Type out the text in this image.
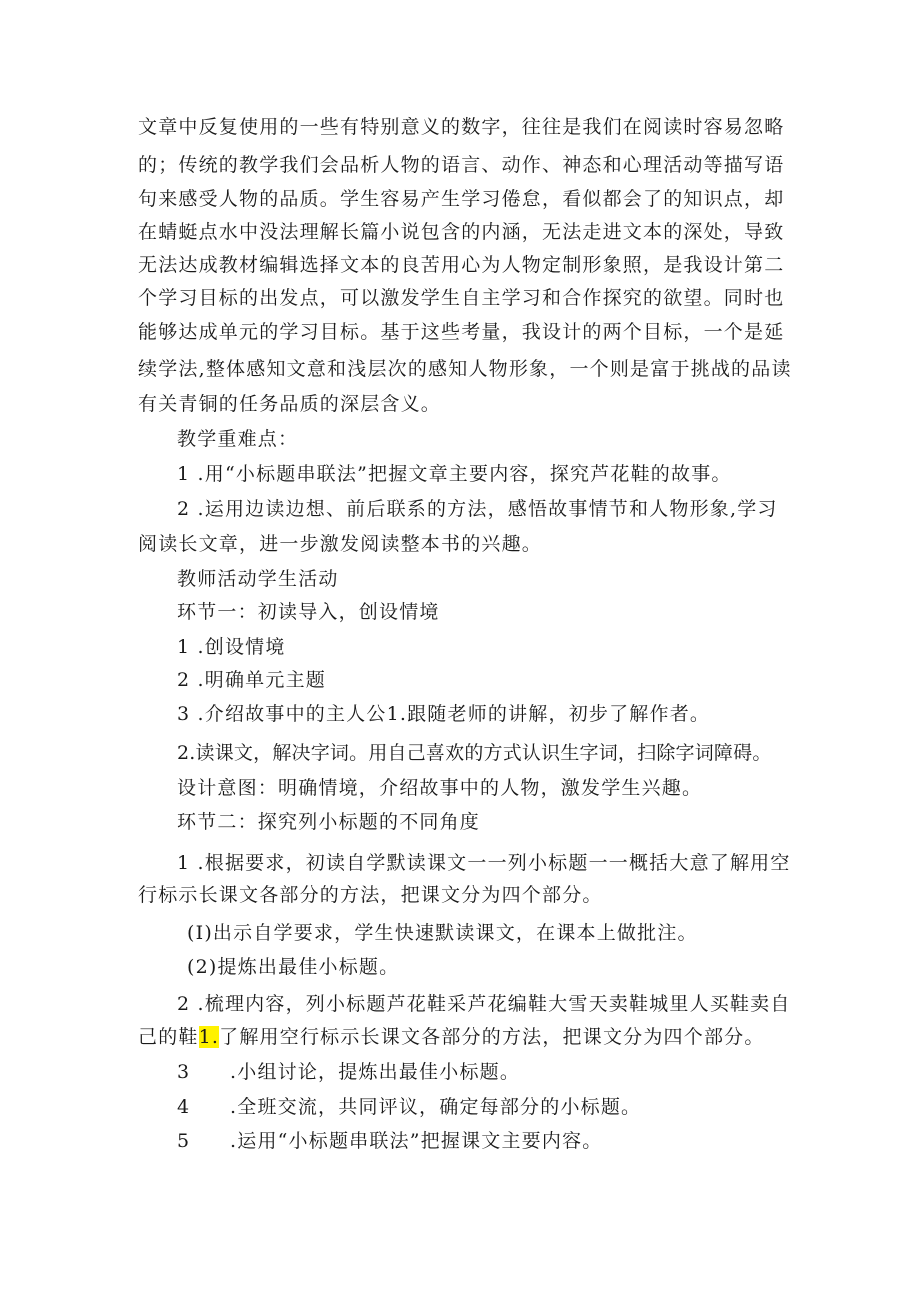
文章中反复使用的一些有特别意义的数字，往往是我们在阅读时容易忽略
的；传统的教学我们会品析人物的语言、动作、神态和心理活动等描写语
句来感受人物的品质。学生容易产生学习倦怠，看似都会了的知识点，却
在蜻蜓点水中没法理解长篇小说包含的内涵，无法走进文本的深处，导致
无法达成教材编辑选择文本的良苦用心为人物定制形象照，是我设计第二
个学习目标的出发点，可以激发学生自主学习和合作探究的欲望。同时也
能够达成单元的学习目标。基于这些考量，我设计的两个目标，一个是延
续学法,整体感知文意和浅层次的感知人物形象，一个则是富于挑战的品读
有关青铜的任务品质的深层含义。
教学重难点：
1 .用“小标题串联法”把握文章主要内容，探究芦花鞋的故事。
2 .运用边读边想、前后联系的方法，感悟故事情节和人物形象,学习
阅读长文章，进一步激发阅读整本书的兴趣。
教师活动学生活动
环节一：初读导入，创设情境
1 .创设情境
2 .明确单元主题
3 .介绍故事中的主人公1.跟随老师的讲解，初步了解作者。
2.读课文，解决字词。用自己喜欢的方式认识生字词，扫除字词障碍。
设计意图：明确情境，介绍故事中的人物，激发学生兴趣。
环节二：探究列小标题的不同角度
1 .根据要求，初读自学默读课文一一列小标题一一概括大意了解用空
行标示长课文各部分的方法，把课文分为四个部分。
(I)出示自学要求，学生快速默读课文，在课本上做批注。
(2)提炼出最佳小标题。
2 .梳理内容，列小标题芦花鞋采芦花编鞋大雪天卖鞋城里人买鞋卖自
己的鞋1.了解用空行标示长课文各部分的方法，把课文分为四个部分。
3 .小组讨论，提炼出最佳小标题。
4 .全班交流，共同评议，确定每部分的小标题。
5 .运用“小标题串联法”把握课文主要内容。
